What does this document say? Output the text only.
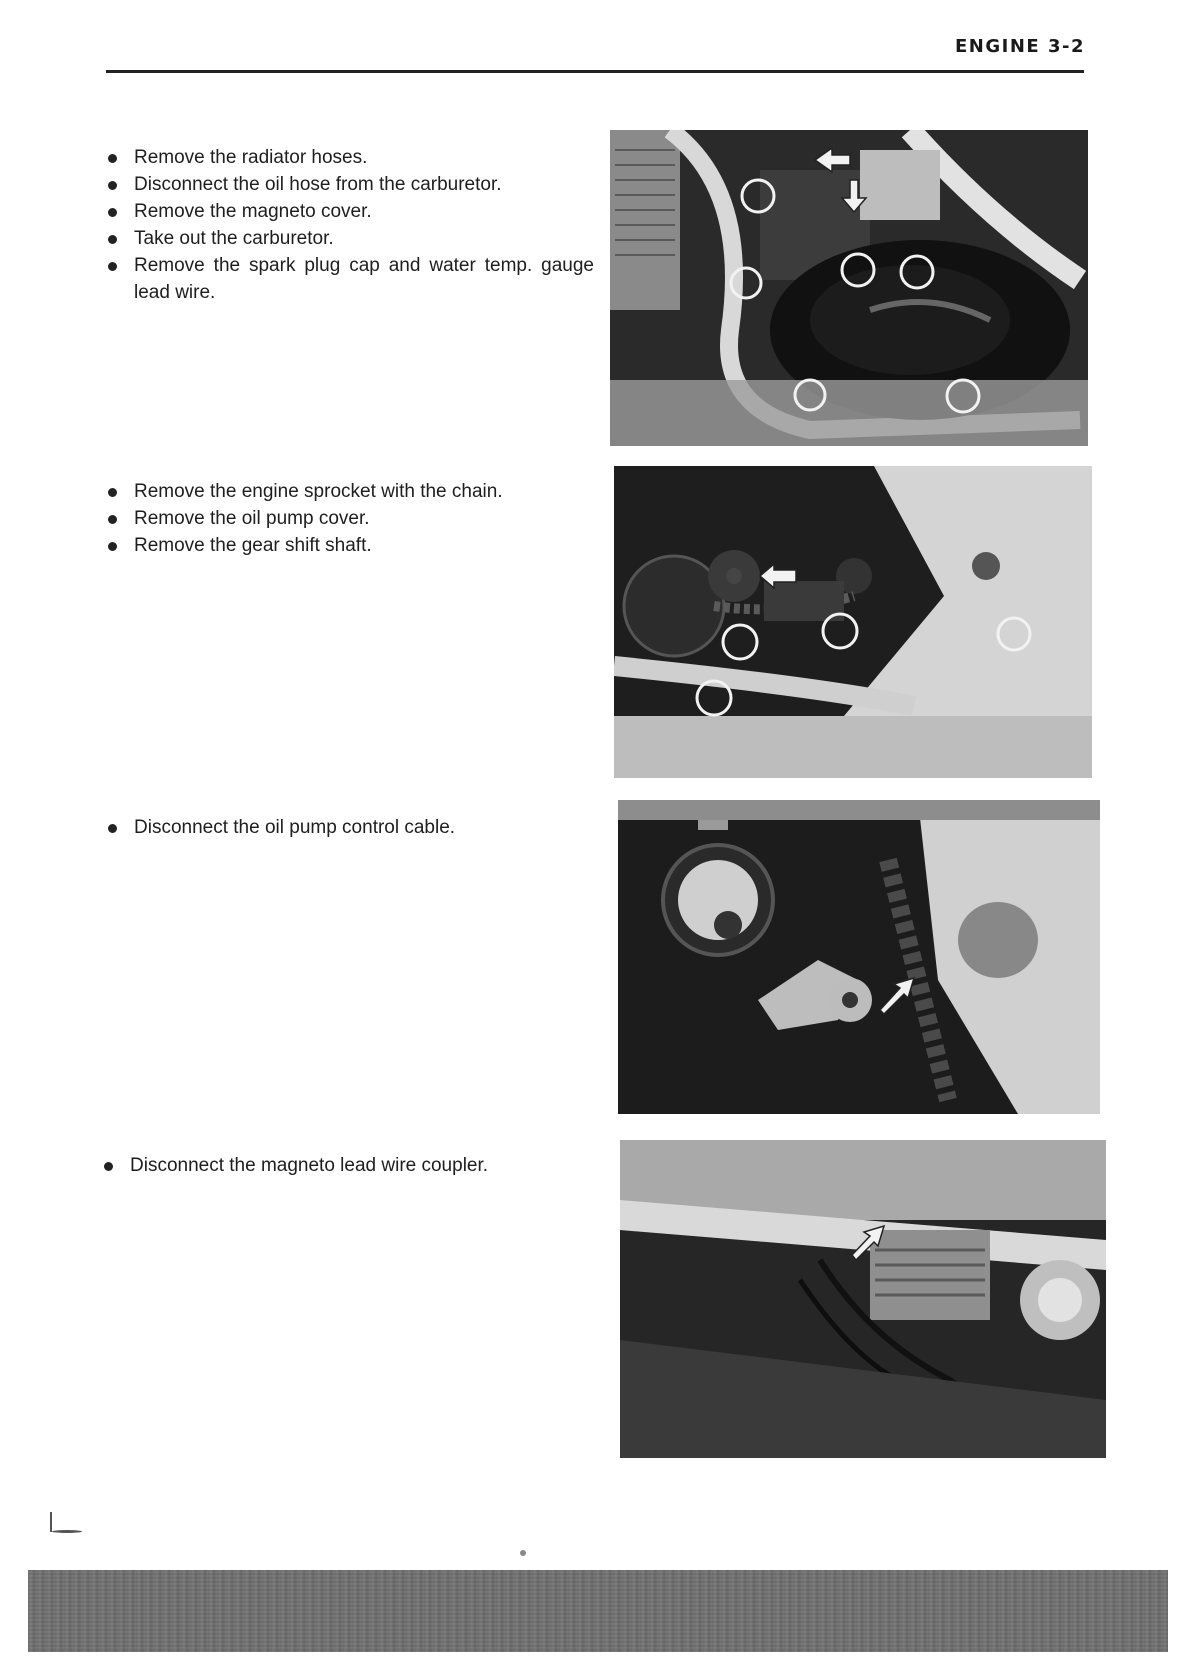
ENGINE 3-2
Remove the radiator hoses.
Disconnect the oil hose from the carburetor.
Remove the magneto cover.
Take out the carburetor.
Remove the spark plug cap and water temp. gauge lead wire.
Remove the engine sprocket with the chain.
Remove the oil pump cover.
Remove the gear shift shaft.
Disconnect the oil pump control cable.
Disconnect the magneto lead wire coupler.
